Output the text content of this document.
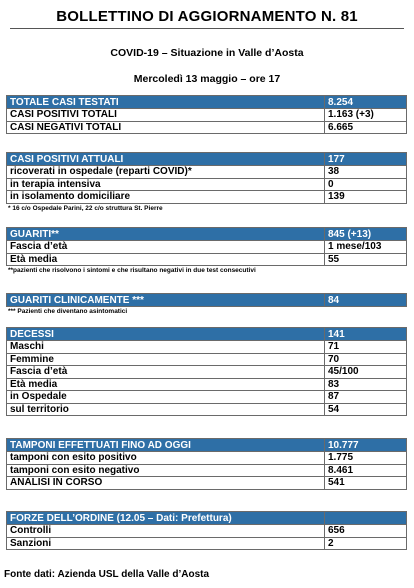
BOLLETTINO DI AGGIORNAMENTO N. 81
COVID-19 – Situazione in Valle d’Aosta
Mercoledì 13 maggio – ore 17
TOTALE CASI TESTATI	8.254
CASI POSITIVI TOTALI	1.163 (+3)
CASI NEGATIVI TOTALI	6.665
CASI POSITIVI ATTUALI	177
ricoverati in ospedale (reparti COVID)*	38
in terapia intensiva	0
in isolamento domiciliare	139
* 16 c/o Ospedale Parini, 22 c/o struttura St. Pierre
GUARITI**	845 (+13)
Fascia d’età	1 mese/103
Età media	55
**pazienti che risolvono i sintomi e che risultano negativi in due test consecutivi
GUARITI CLINICAMENTE ***	84
*** Pazienti che diventano asintomatici
DECESSI	141
Maschi	71
Femmine	70
Fascia d’età	45/100
Età media	83
in Ospedale	87
sul territorio	54
TAMPONI EFFETTUATI FINO AD OGGI	10.777
tamponi con esito positivo	1.775
tamponi con esito negativo	8.461
ANALISI IN CORSO	541
FORZE DELL’ORDINE (12.05 – Dati: Prefettura)	
Controlli	656
Sanzioni	2
Fonte dati: Azienda USL della Valle d’Aosta
